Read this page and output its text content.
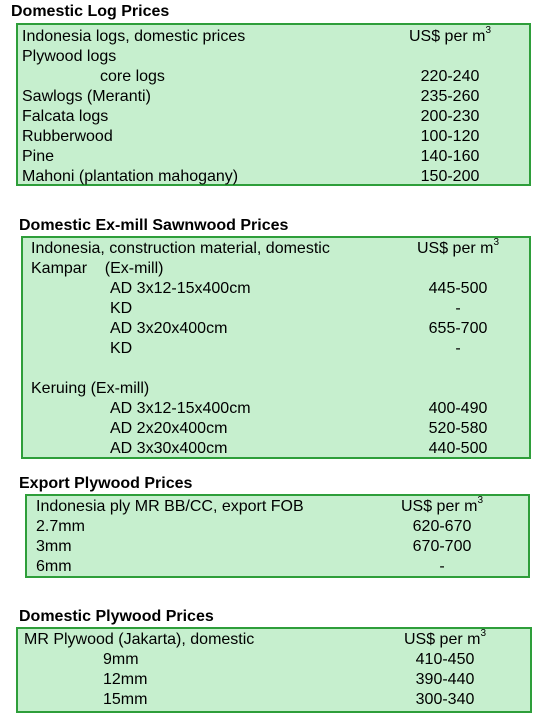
Domestic Log Prices
Indonesia logs, domestic prices	US$ per $m^3$
Plywood logs
core logs	220-240
Sawlogs (Meranti)	235-260
Falcata logs	200-230
Rubberwood	100-120
Pine	140-160
Mahoni (plantation mahogany)	150-200
Domestic Ex-mill Sawnwood Prices
Indonesia, construction material, domestic	US$ per $m^3$
Kampar    (Ex-mill)
AD 3x12-15x400cm	445-500
KD	-
AD 3x20x400cm	655-700
KD	-
Keruing (Ex-mill)
AD 3x12-15x400cm	400-490
AD 2x20x400cm	520-580
AD 3x30x400cm	440-500
Export Plywood Prices
Indonesia ply MR BB/CC, export FOB	US$ per $m^3$
2.7mm	620-670
3mm	670-700
6mm	-
Domestic Plywood Prices
MR Plywood (Jakarta), domestic	US$ per $m^3$
9mm	410-450
12mm	390-440
15mm	300-340
